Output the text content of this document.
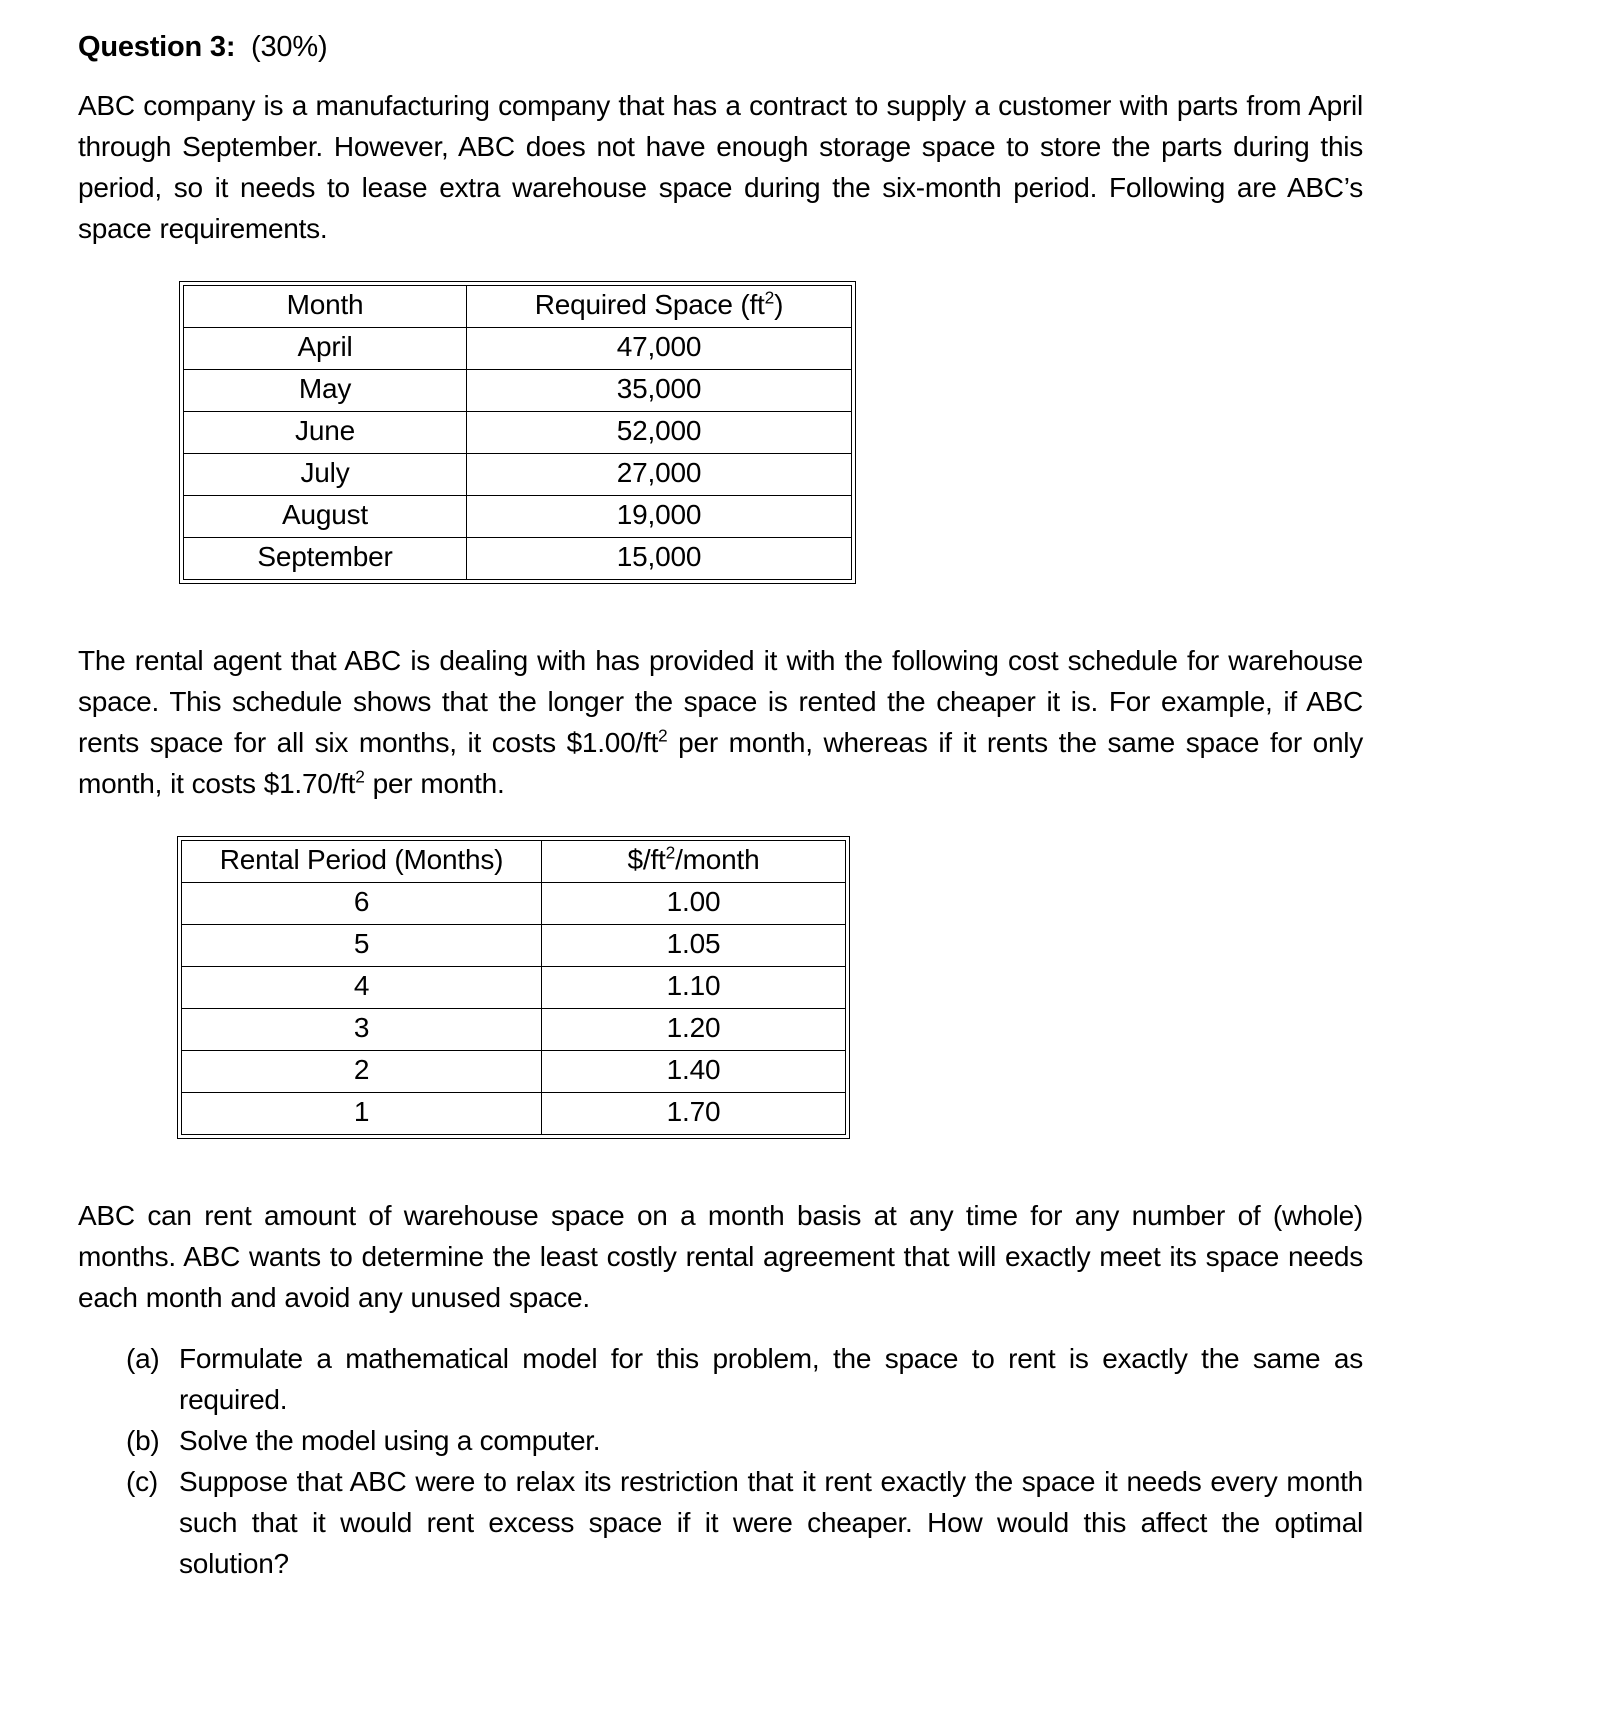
Question 3: (30%)

ABC company is a manufacturing company that has a contract to supply a customer with parts from April through September. However, ABC does not have enough storage space to store the parts during this period, so it needs to lease extra warehouse space during the six-month period. Following are ABC’s space requirements.

Month	Required Space $(ft^2)$
April	47,000
May	35,000
June	52,000
July	27,000
August	19,000
September	15,000

The rental agent that ABC is dealing with has provided it with the following cost schedule for warehouse space. This schedule shows that the longer the space is rented the cheaper it is. For example, if ABC rents space for all six months, it costs $\$1.00/ft^2$ per month, whereas if it rents the same space for only month, it costs $\$1.70/ft^2$ per month.

Rental Period (Months)	$\$/ft^2$/month
6	1.00
5	1.05
4	1.10
3	1.20
2	1.40
1	1.70

ABC can rent amount of warehouse space on a month basis at any time for any number of (whole) months. ABC wants to determine the least costly rental agreement that will exactly meet its space needs each month and avoid any unused space.

(a) Formulate a mathematical model for this problem, the space to rent is exactly the same as required.
(b) Solve the model using a computer.
(c) Suppose that ABC were to relax its restriction that it rent exactly the space it needs every month such that it would rent excess space if it were cheaper. How would this affect the optimal solution?
